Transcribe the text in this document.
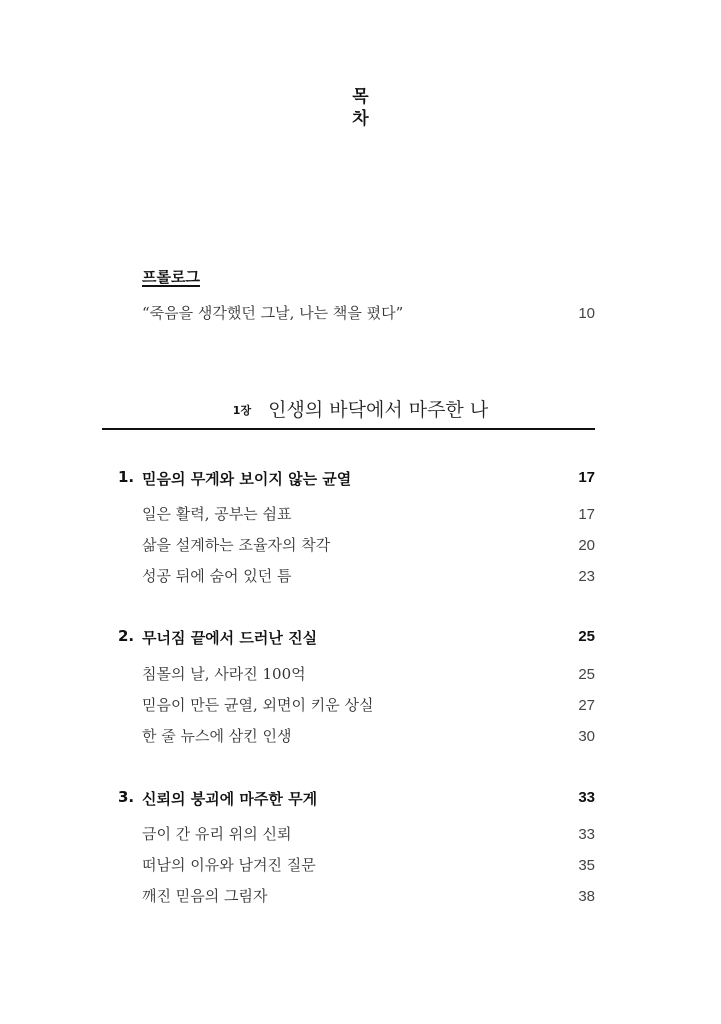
목
차
프롤로그
“죽음을 생각했던 그날, 나는 책을 폈다”	10
1장 인생의 바닥에서 마주한 나
1. 믿음의 무게와 보이지 않는 균열	17
일은 활력, 공부는 쉼표	17
삶을 설계하는 조율자의 착각	20
성공 뒤에 숨어 있던 틈	23
2. 무너짐 끝에서 드러난 진실	25
침몰의 날, 사라진 100억	25
믿음이 만든 균열, 외면이 키운 상실	27
한 줄 뉴스에 삼킨 인생	30
3. 신뢰의 붕괴에 마주한 무게	33
금이 간 유리 위의 신뢰	33
떠남의 이유와 남겨진 질문	35
깨진 믿음의 그림자	38
